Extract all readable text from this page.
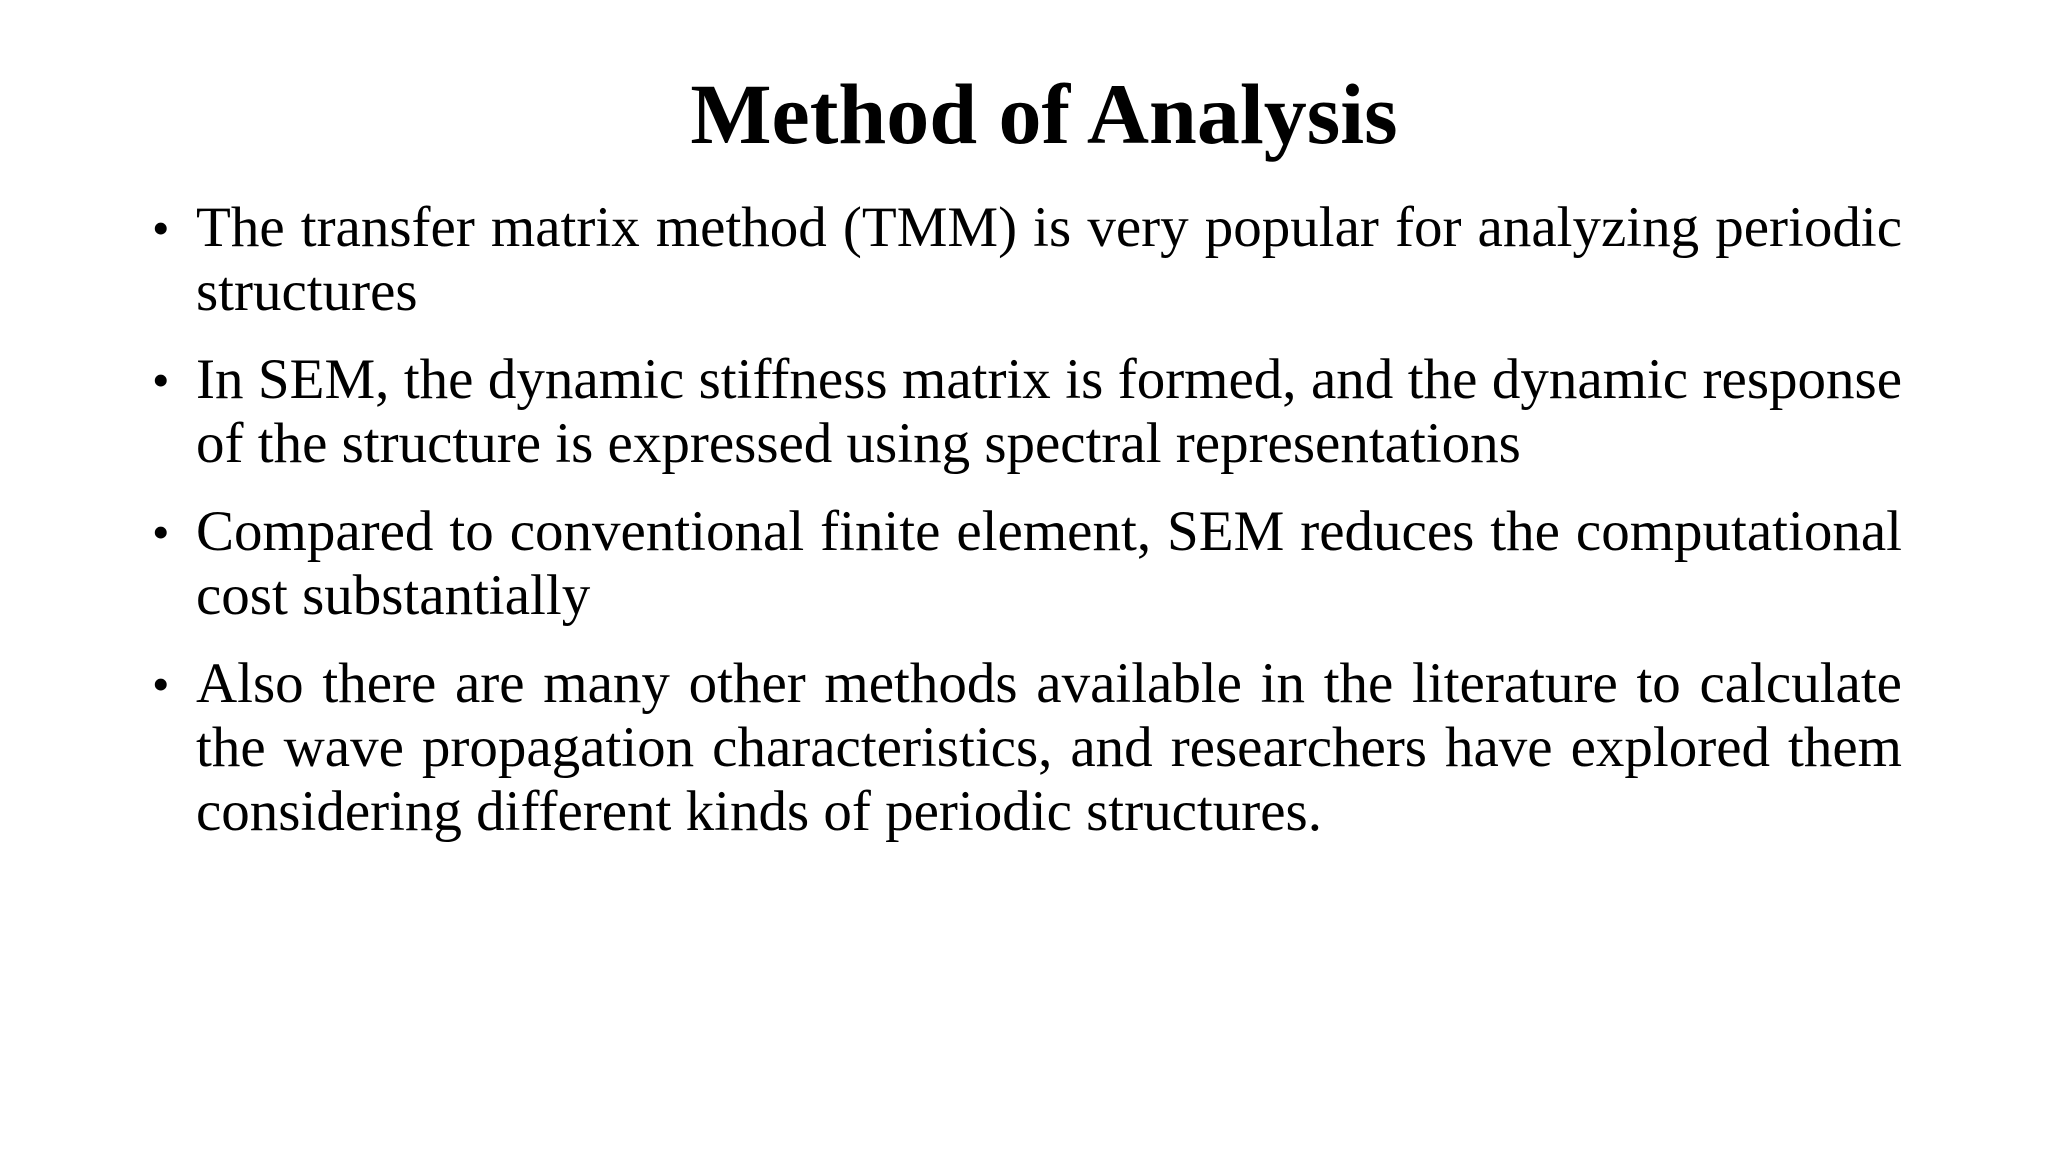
Method of Analysis
• The transfer matrix method (TMM) is very popular for analyzing periodic structures
• In SEM, the dynamic stiffness matrix is formed, and the dynamic response of the structure is expressed using spectral representations
• Compared to conventional finite element, SEM reduces the computational cost substantially
• Also there are many other methods available in the literature to calculate the wave propagation characteristics, and researchers have explored them considering different kinds of periodic structures.
